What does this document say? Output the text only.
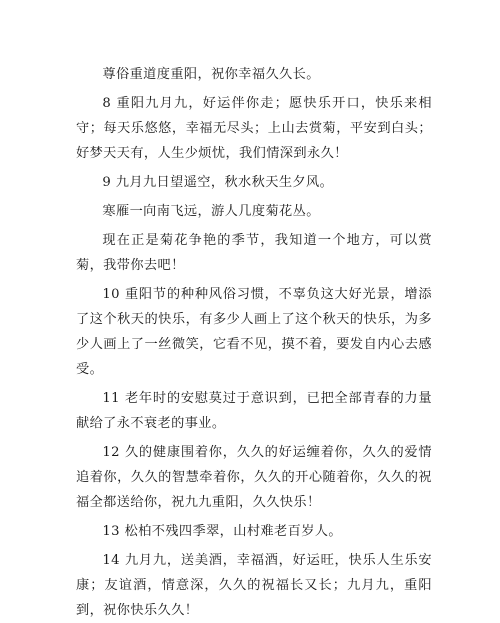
尊俗重道度重阳，祝你幸福久久长。

8 重阳九月九，好运伴你走；愿快乐开口，快乐来相守；每天乐悠悠，幸福无尽头；上山去赏菊，平安到白头；好梦天天有，人生少烦忧，我们情深到永久！

9 九月九日望遥空，秋水秋天生夕风。

寒雁一向南飞远，游人几度菊花丛。

现在正是菊花争艳的季节，我知道一个地方，可以赏菊，我带你去吧！

10 重阳节的种种风俗习惯，不辜负这大好光景，增添了这个秋天的快乐，有多少人画上了这个秋天的快乐，为多少人画上了一丝微笑，它看不见，摸不着，要发自内心去感受。

11 老年时的安慰莫过于意识到，已把全部青春的力量献给了永不衰老的事业。

12 久的健康围着你，久久的好运缠着你，久久的爱情追着你，久久的智慧牵着你，久久的开心随着你，久久的祝福全都送给你，祝九九重阳，久久快乐！

13 松柏不残四季翠，山村难老百岁人。

14 九月九，送美酒，幸福酒，好运旺，快乐人生乐安康；友谊酒，情意深，久久的祝福长又长；九月九，重阳到，祝你快乐久久！
